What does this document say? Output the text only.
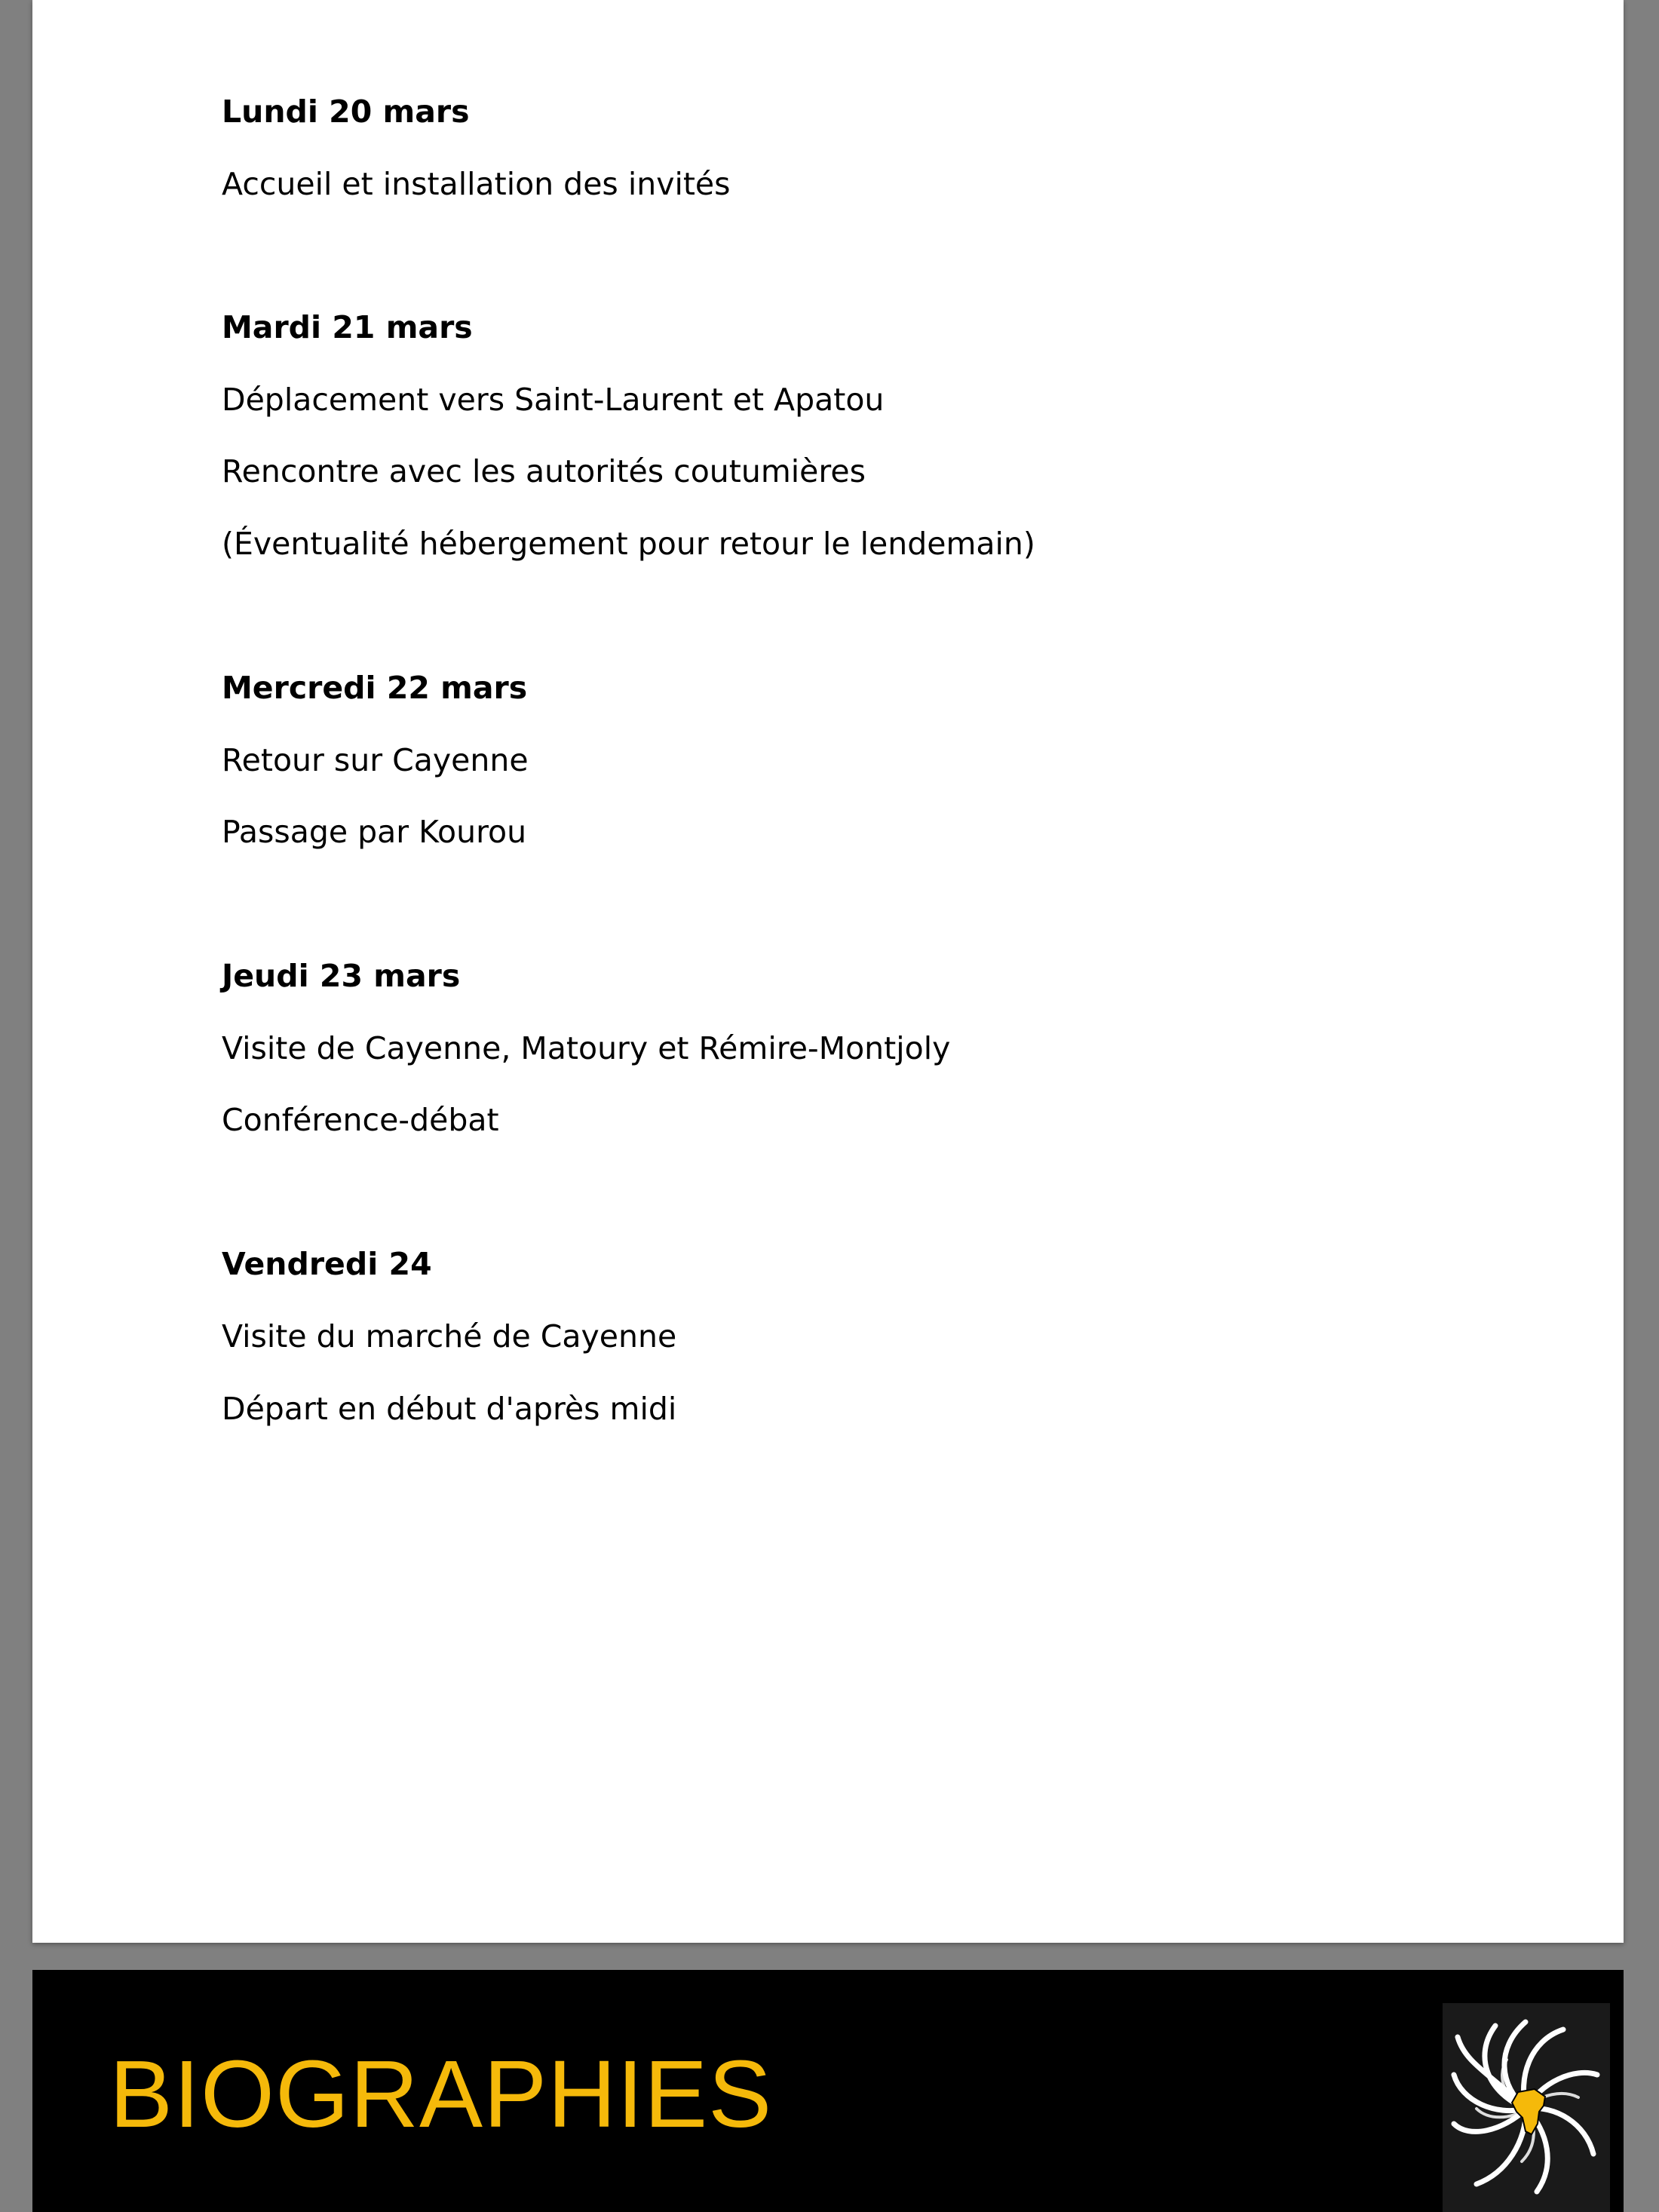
Lundi 20 mars

Accueil et installation des invités

Mardi 21 mars

Déplacement vers Saint-Laurent et Apatou

Rencontre avec les autorités coutumières

(Éventualité hébergement pour retour le lendemain)

Mercredi 22 mars

Retour sur Cayenne

Passage par Kourou

Jeudi 23 mars

Visite de Cayenne, Matoury et Rémire-Montjoly

Conférence-débat

Vendredi 24

Visite du marché de Cayenne

Départ en début d'après midi

BIOGRAPHIES
